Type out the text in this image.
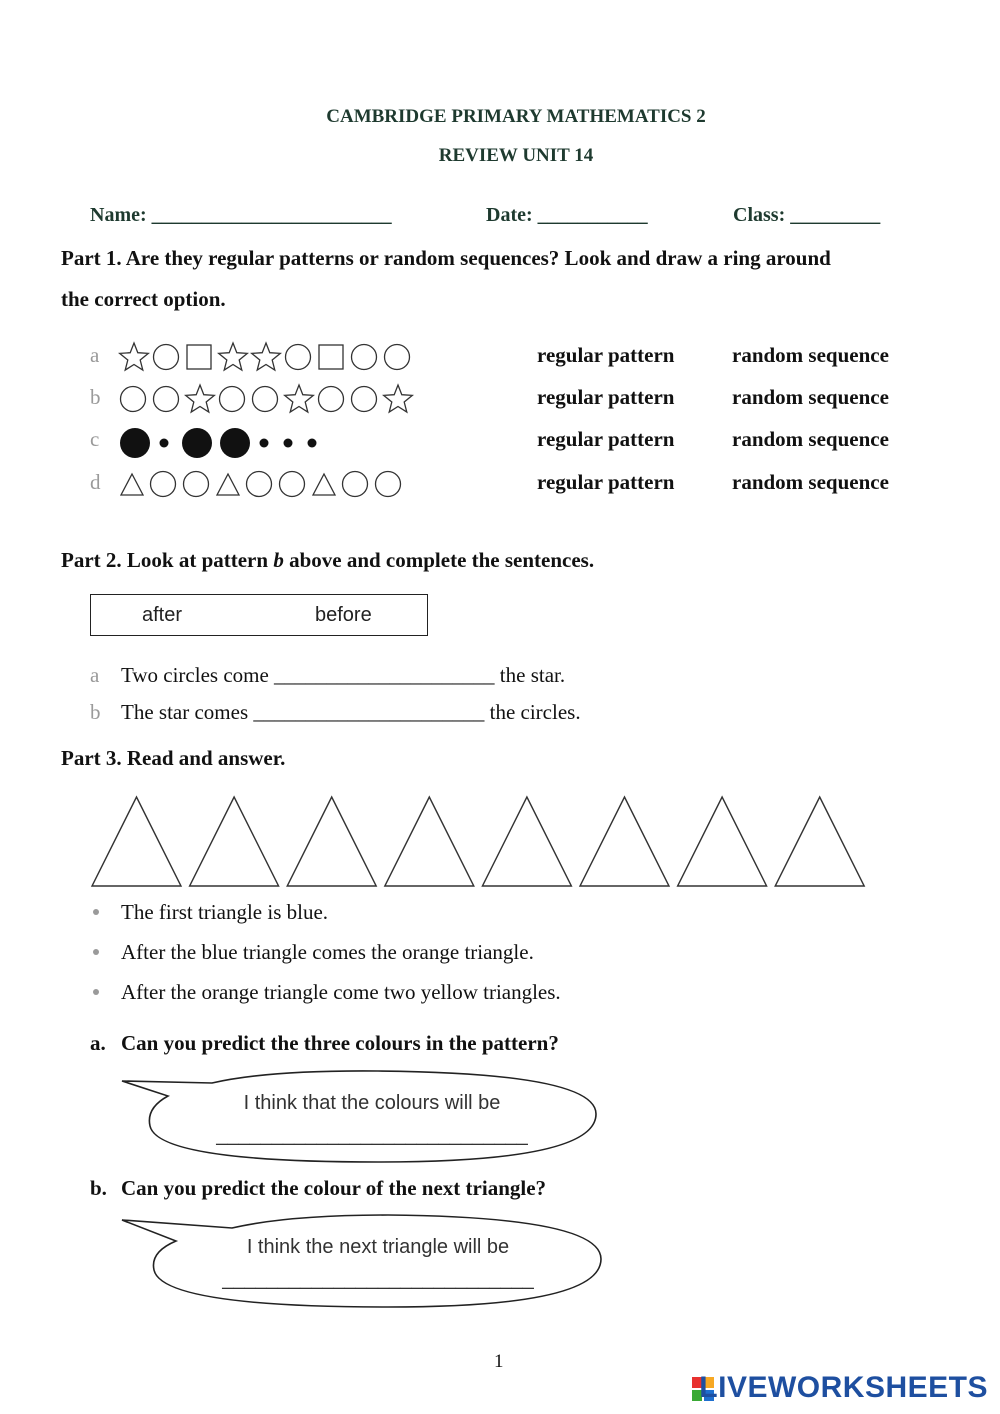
CAMBRIDGE PRIMARY MATHEMATICS 2
REVIEW UNIT 14
Name: ________________________	Date: ___________	Class: _________
Part 1. Are they regular patterns or random sequences? Look and draw a ring around
the correct option.
a	regular pattern	random sequence
b	regular pattern	random sequence
c	regular pattern	random sequence
d	regular pattern	random sequence
Part 2. Look at pattern b above and complete the sentences.
after	before
a Two circles come _____________________ the star.
b The star comes ______________________ the circles.
Part 3. Read and answer.
The first triangle is blue.
After the blue triangle comes the orange triangle.
After the orange triangle come two yellow triangles.
a. Can you predict the three colours in the pattern?
I think that the colours will be
____________________________
b. Can you predict the colour of the next triangle?
I think the next triangle will be
____________________________
1
LIVEWORKSHEETS
